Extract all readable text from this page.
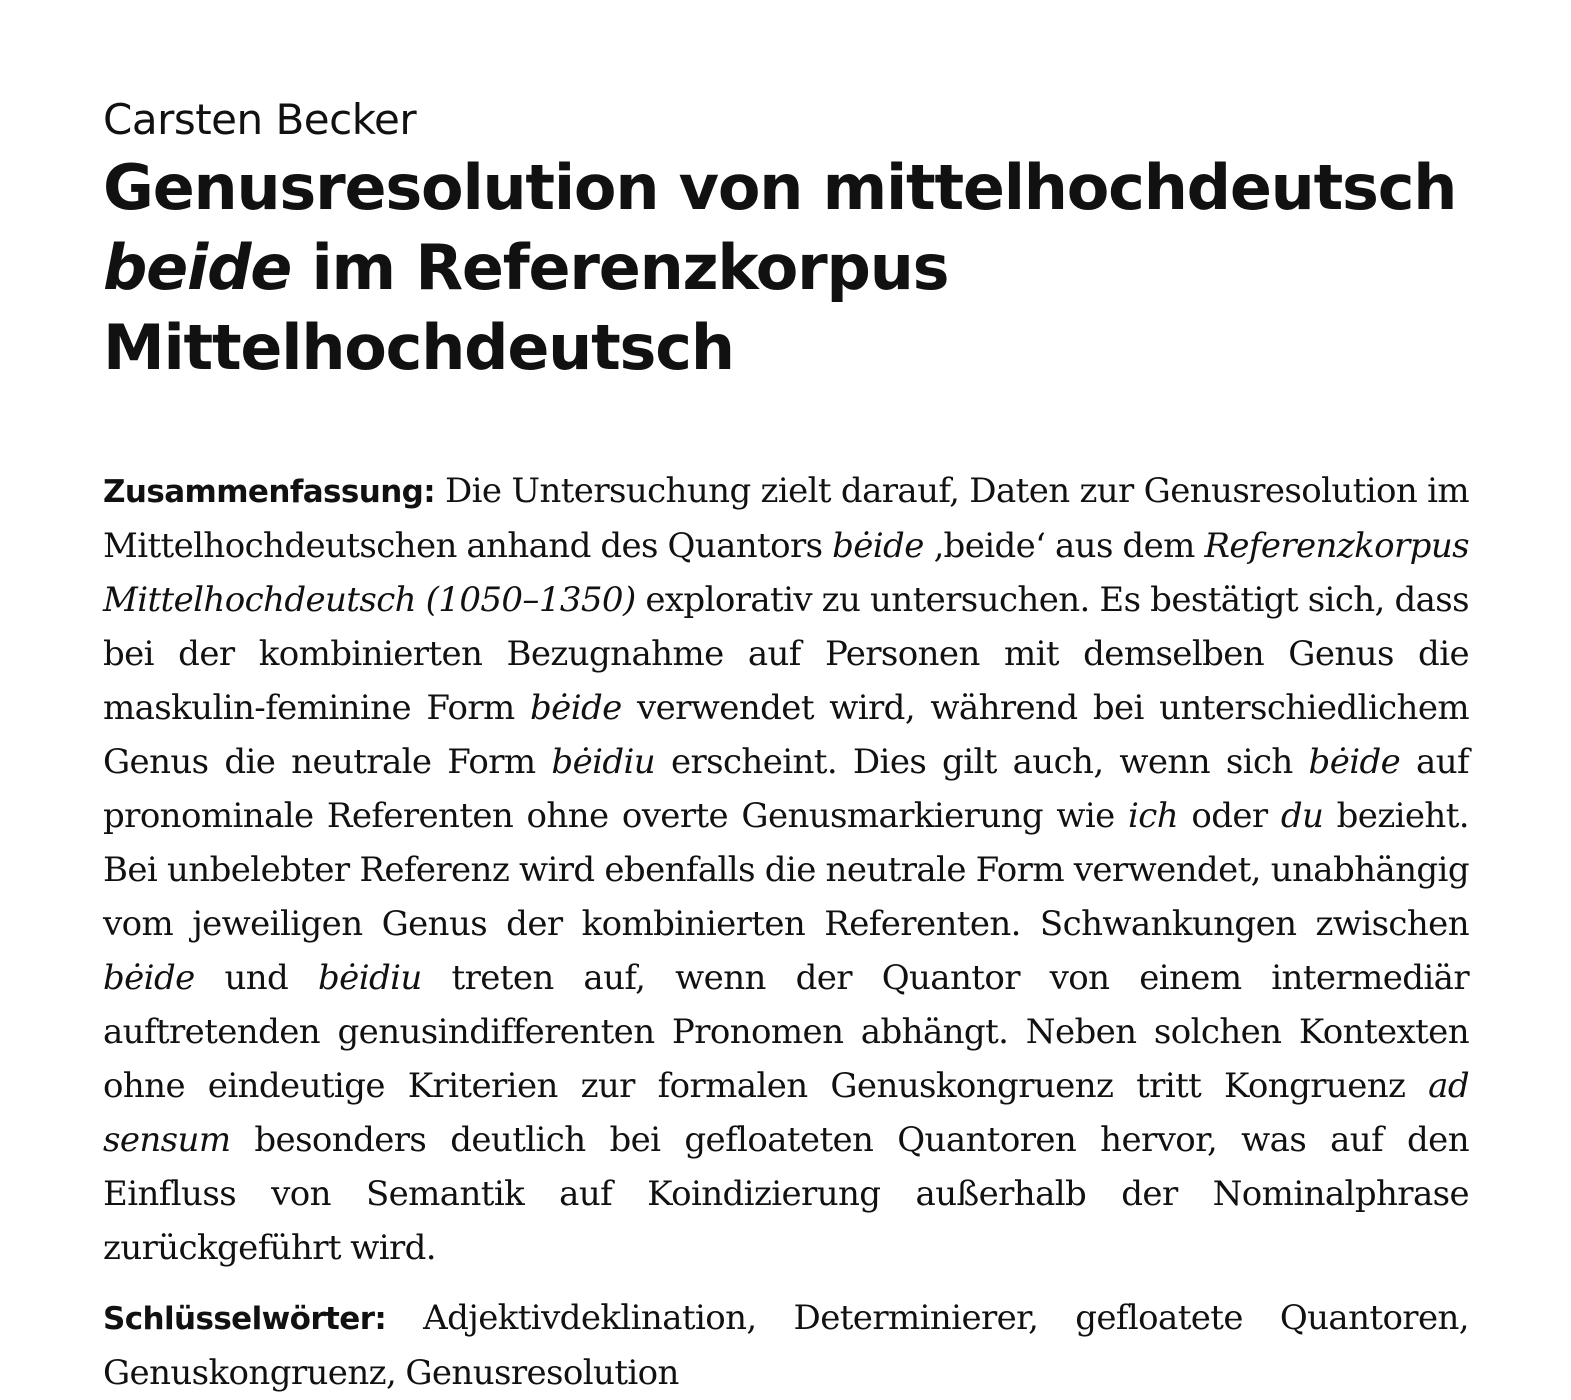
Carsten Becker
Genusresolution von mittelhochdeutsch
beide im Referenzkorpus Mittelhochdeutsch
Zusammenfassung: Die Untersuchung zielt darauf, Daten zur Genusresolution im Mittelhochdeutschen anhand des Quantors bėide ‚beide‘ aus dem Referenzkorpus Mittelhochdeutsch (1050–1350) explorativ zu untersuchen. Es bestätigt sich, dass bei der kombinierten Bezugnahme auf Personen mit demselben Genus die maskulin-feminine Form bėide verwendet wird, während bei unterschiedlichem Genus die neutrale Form bėidiu erscheint. Dies gilt auch, wenn sich bėide auf pronominale Referenten ohne overte Genusmarkierung wie ich oder du bezieht. Bei unbelebter Referenz wird ebenfalls die neutrale Form verwendet, unabhängig vom jeweiligen Genus der kombinierten Referenten. Schwankungen zwischen bėide und bėidiu treten auf, wenn der Quantor von einem intermediär auftretenden genusindifferenten Pronomen abhängt. Neben solchen Kontexten ohne eindeutige Kriterien zur formalen Genuskongruenz tritt Kongruenz ad sensum besonders deutlich bei gefloateten Quantoren hervor, was auf den Einfluss von Semantik auf Koindizierung außerhalb der Nominalphrase zurückgeführt wird.
Schlüsselwörter: Adjektivdeklination, Determinierer, gefloatete Quantoren, Genuskongruenz, Genusresolution
